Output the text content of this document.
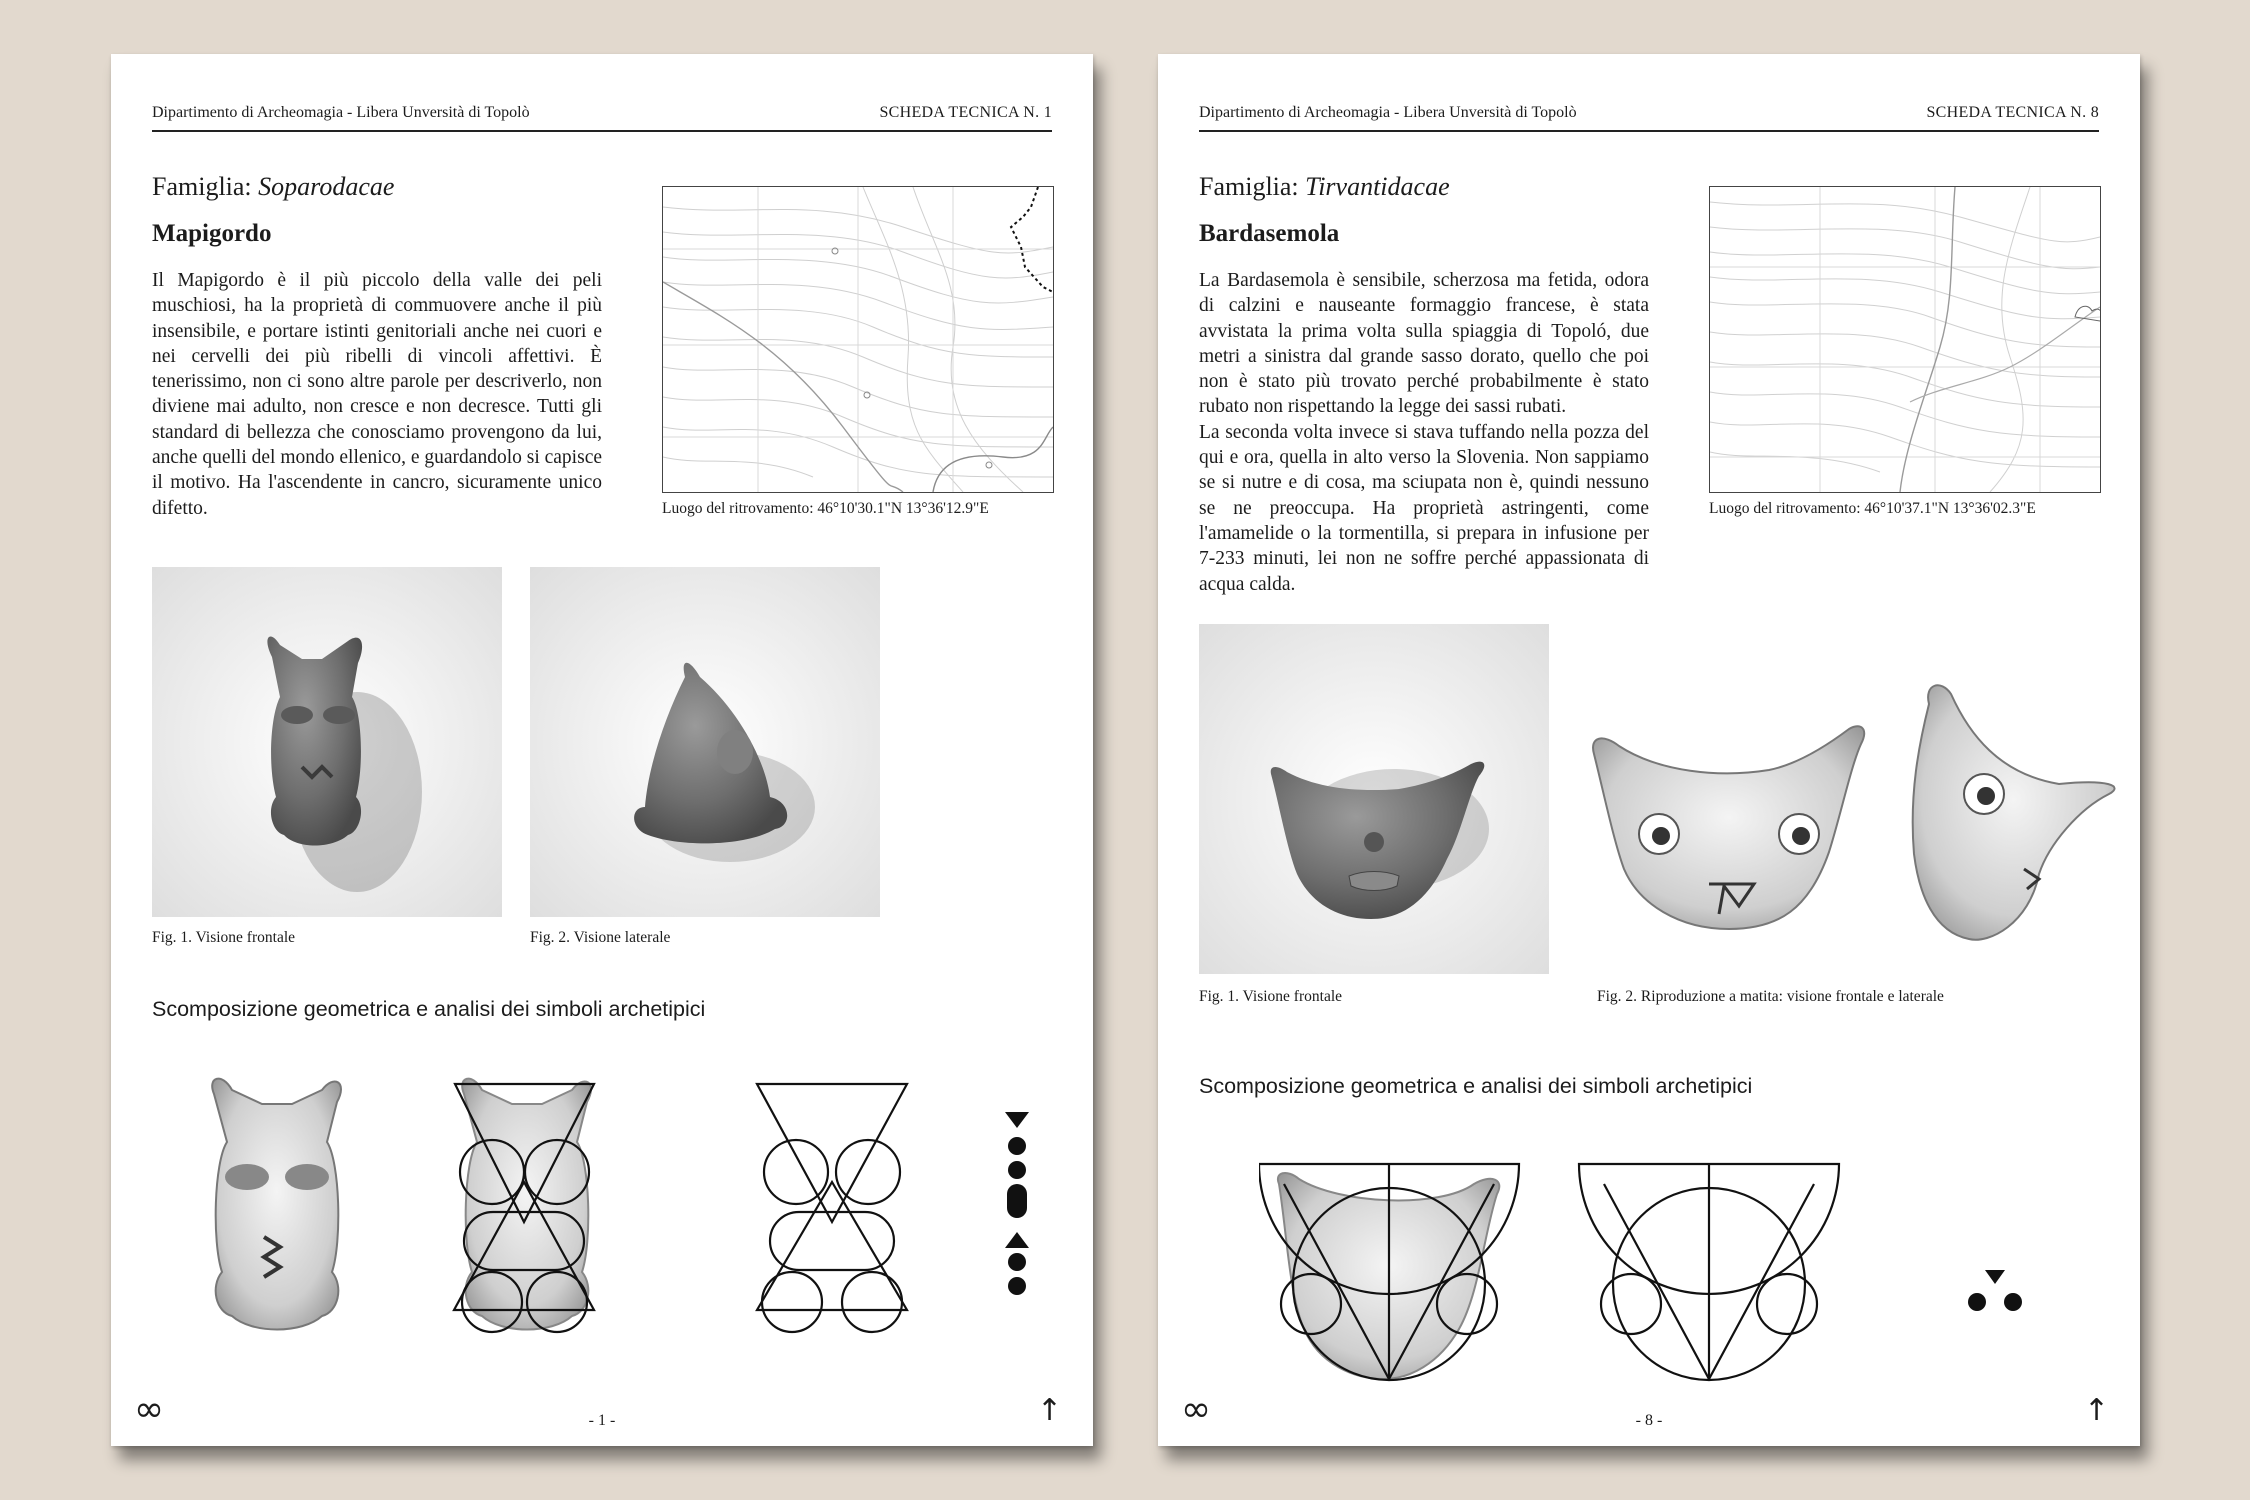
Dipartimento di Archeomagia - Libera Unversità di Topolò	SCHEDA TECNICA N. 1
Famiglia: Soparodacae
Mapigordo

Il Mapigordo è il più piccolo della valle dei peli muschiosi, ha la proprietà di commuovere anche il più insensibile, e portare istinti genitoriali anche nei cuori e nei cervelli dei più ribelli di vincoli affettivi. È tenerissimo, non ci sono altre parole per descriverlo, non diviene mai adulto, non cresce e non decresce. Tutti gli standard di bellezza che conosciamo provengono da lui, anche quelli del mondo ellenico, e guardandolo si capisce il motivo. Ha l'ascendente in cancro, sicuramente unico difetto.	Luogo del ritrovamento: 46°10'30.1"N 13°36'12.9"E
Fig. 1. Visione frontale	Fig. 2. Visione laterale
Scomposizione geometrica e analisi dei simboli archetipici
∞	- 1 -	↑
Dipartimento di Archeomagia - Libera Unversità di Topolò	SCHEDA TECNICA N. 8
Famiglia: Tirvantidacae
Bardasemola

La Bardasemola è sensibile, scherzosa ma fetida, odora di calzini e nauseante formaggio francese, è stata avvistata la prima volta sulla spiaggia di Topoló, due metri a sinistra dal grande sasso dorato, quello che poi non è stato più trovato perché probabilmente è stato rubato non rispettando la legge dei sassi rubati.

La seconda volta invece si stava tuffando nella pozza del qui e ora, quella in alto verso la Slovenia. Non sappiamo se si nutre e di cosa, ma sciupata non è, quindi nessuno se ne preoccupa. Ha proprietà astringenti, come l'amamelide o la tormentilla, si prepara in infusione per 7-233 minuti, lei non ne soffre perché appassionata di acqua calda.

Luogo del ritrovamento: 46°10'37.1"N 13°36'02.3"E
Fig. 1. Visione frontale	Fig. 2. Riproduzione a matita: visione frontale e laterale
Scomposizione geometrica e analisi dei simboli archetipici
∞	- 8 -	↑
